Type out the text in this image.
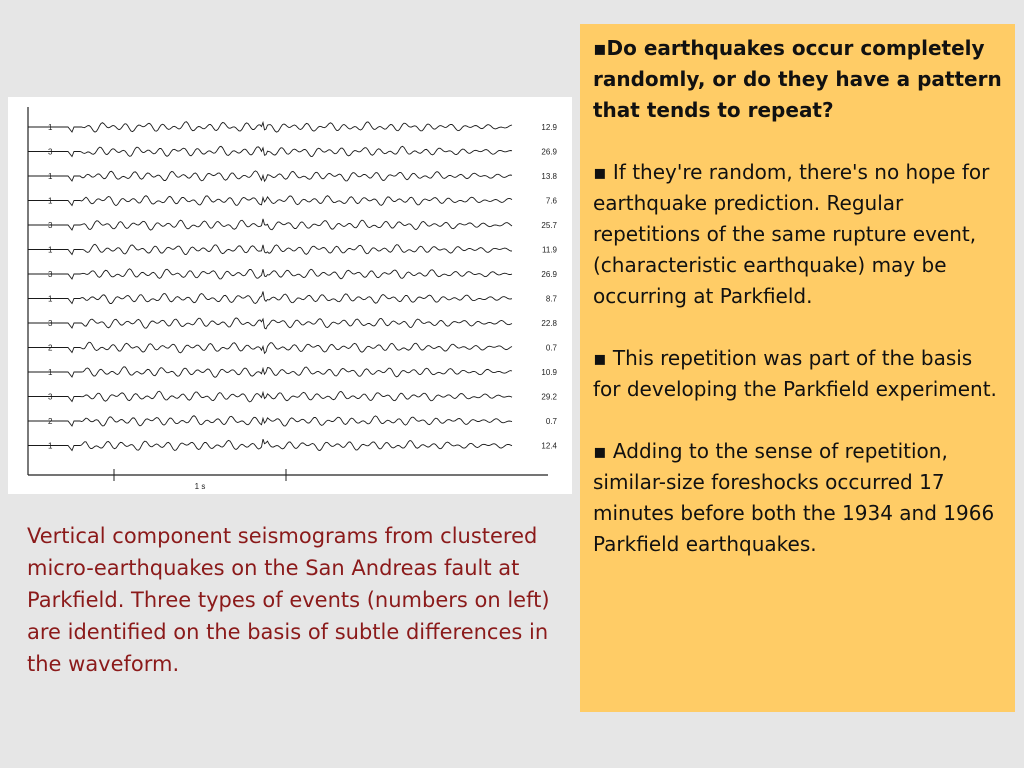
1 s
1	12.9
3	26.9
1	13.8
1	7.6
3	25.7
1	11.9
3	26.9
1	8.7
3	22.8
2	0.7
1	10.9
3	29.2
2	0.7
1	12.4

Vertical component seismograms from clustered micro-earthquakes on the San Andreas fault at Parkfield. Three types of events (numbers on left) are identified on the basis of subtle differences in the waveform.

▪Do earthquakes occur completely randomly, or do they have a pattern that tends to repeat?

▪ If they're random, there's no hope for earthquake prediction. Regular repetitions of the same rupture event, (characteristic earthquake) may be occurring at Parkfield.

▪ This repetition was part of the basis for developing the Parkfield experiment.

▪ Adding to the sense of repetition, similar-size foreshocks occurred 17 minutes before both the 1934 and 1966 Parkfield earthquakes.
